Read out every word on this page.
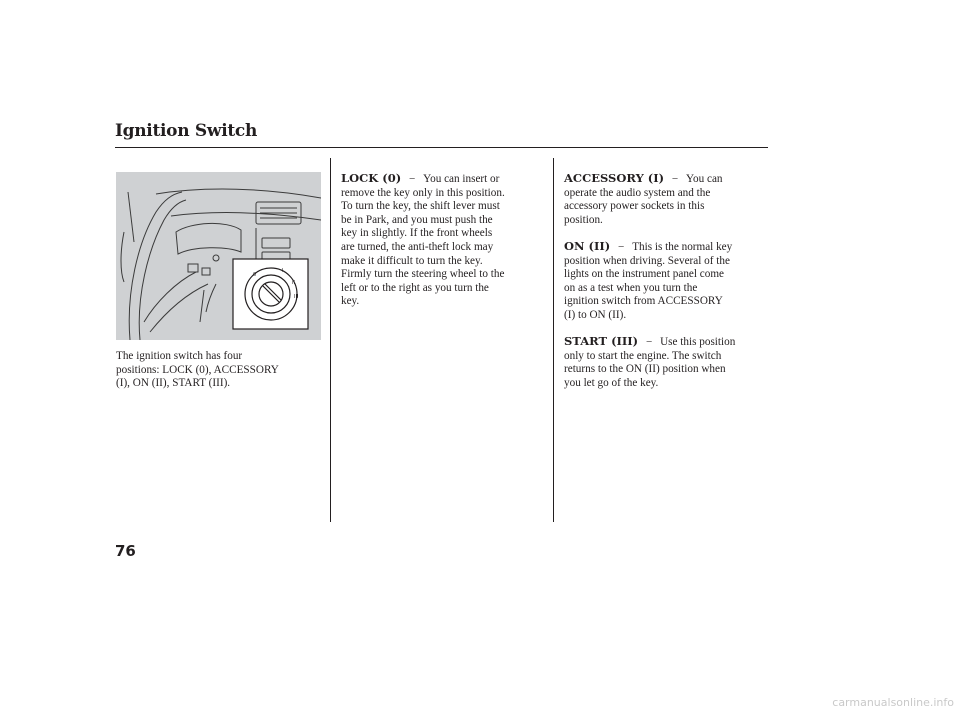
Ignition Switch
0
I
II
III
The ignition switch has four
positions: LOCK (0), ACCESSORY
(I), ON (II), START (III).

LOCK (0) − You can insert or

remove the key only in this position.

To turn the key, the shift lever must

be in Park, and you must push the

key in slightly. If the front wheels

are turned, the anti-theft lock may

make it difficult to turn the key.

Firmly turn the steering wheel to the

left or to the right as you turn the

key.

ACCESSORY (I) − You can

operate the audio system and the

accessory power sockets in this

position.

ON (II) − This is the normal key

position when driving. Several of the

lights on the instrument panel come

on as a test when you turn the

ignition switch from ACCESSORY

(I) to ON (II).

START (III) − Use this position

only to start the engine. The switch

returns to the ON (II) position when

you let go of the key.

76
carmanualsonline.info
